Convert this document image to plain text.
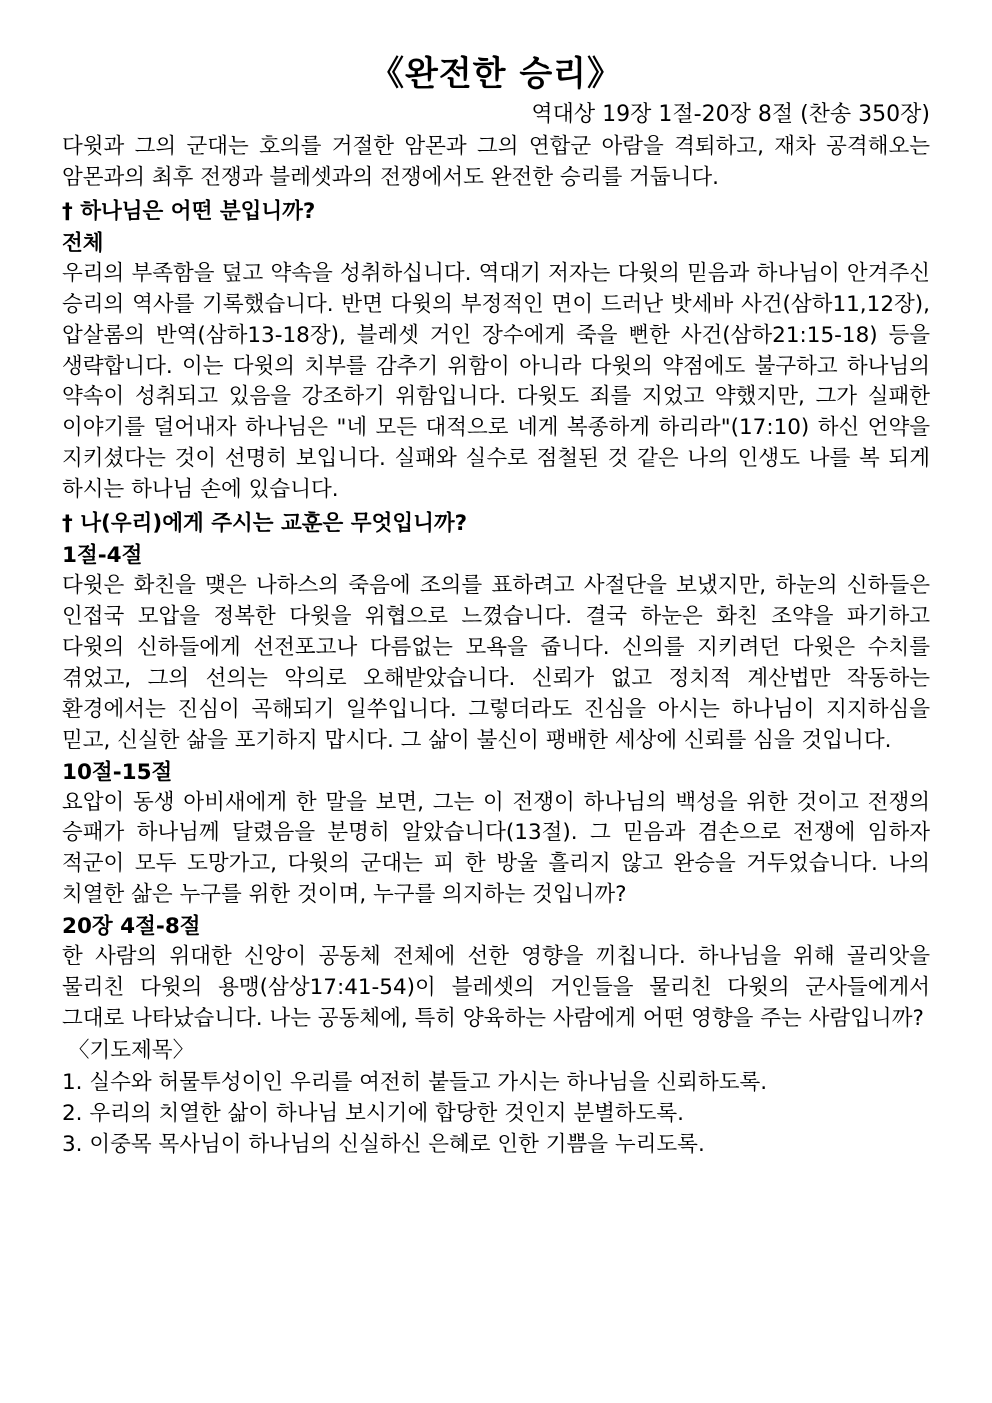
《완전한 승리》

역대상 19장 1절-20장 8절 (찬송 350장)

다윗과 그의 군대는 호의를 거절한 암몬과 그의 연합군 아람을 격퇴하고, 재차 공격해오는 암몬과의 최후 전쟁과 블레셋과의 전쟁에서도 완전한 승리를 거둡니다.

† 하나님은 어떤 분입니까?

전체

우리의 부족함을 덮고 약속을 성취하십니다. 역대기 저자는 다윗의 믿음과 하나님이 안겨주신 승리의 역사를 기록했습니다. 반면 다윗의 부정적인 면이 드러난 밧세바 사건(삼하11,12장), 압살롬의 반역(삼하13-18장), 블레셋 거인 장수에게 죽을 뻔한 사건(삼하21:15-18) 등을 생략합니다. 이는 다윗의 치부를 감추기 위함이 아니라 다윗의 약점에도 불구하고 하나님의 약속이 성취되고 있음을 강조하기 위함입니다. 다윗도 죄를 지었고 약했지만, 그가 실패한 이야기를 덜어내자 하나님은 "네 모든 대적으로 네게 복종하게 하리라"(17:10) 하신 언약을 지키셨다는 것이 선명히 보입니다. 실패와 실수로 점철된 것 같은 나의 인생도 나를 복 되게 하시는 하나님 손에 있습니다.

† 나(우리)에게 주시는 교훈은 무엇입니까?

1절-4절

다윗은 화친을 맺은 나하스의 죽음에 조의를 표하려고 사절단을 보냈지만, 하눈의 신하들은 인접국 모압을 정복한 다윗을 위협으로 느꼈습니다. 결국 하눈은 화친 조약을 파기하고 다윗의 신하들에게 선전포고나 다름없는 모욕을 줍니다. 신의를 지키려던 다윗은 수치를 겪었고, 그의 선의는 악의로 오해받았습니다. 신뢰가 없고 정치적 계산법만 작동하는 환경에서는 진심이 곡해되기 일쑤입니다. 그렇더라도 진심을 아시는 하나님이 지지하심을 믿고, 신실한 삶을 포기하지 맙시다. 그 삶이 불신이 팽배한 세상에 신뢰를 심을 것입니다.

10절-15절

요압이 동생 아비새에게 한 말을 보면, 그는 이 전쟁이 하나님의 백성을 위한 것이고 전쟁의 승패가 하나님께 달렸음을 분명히 알았습니다(13절). 그 믿음과 겸손으로 전쟁에 임하자 적군이 모두 도망가고, 다윗의 군대는 피 한 방울 흘리지 않고 완승을 거두었습니다. 나의 치열한 삶은 누구를 위한 것이며, 누구를 의지하는 것입니까?

20장 4절-8절

한 사람의 위대한 신앙이 공동체 전체에 선한 영향을 끼칩니다. 하나님을 위해 골리앗을 물리친 다윗의 용맹(삼상17:41-54)이 블레셋의 거인들을 물리친 다윗의 군사들에게서 그대로 나타났습니다. 나는 공동체에, 특히 양육하는 사람에게 어떤 영향을 주는 사람입니까?

〈기도제목〉

1. 실수와 허물투성이인 우리를 여전히 붙들고 가시는 하나님을 신뢰하도록.
2. 우리의 치열한 삶이 하나님 보시기에 합당한 것인지 분별하도록.
3. 이중목 목사님이 하나님의 신실하신 은혜로 인한 기쁨을 누리도록.
